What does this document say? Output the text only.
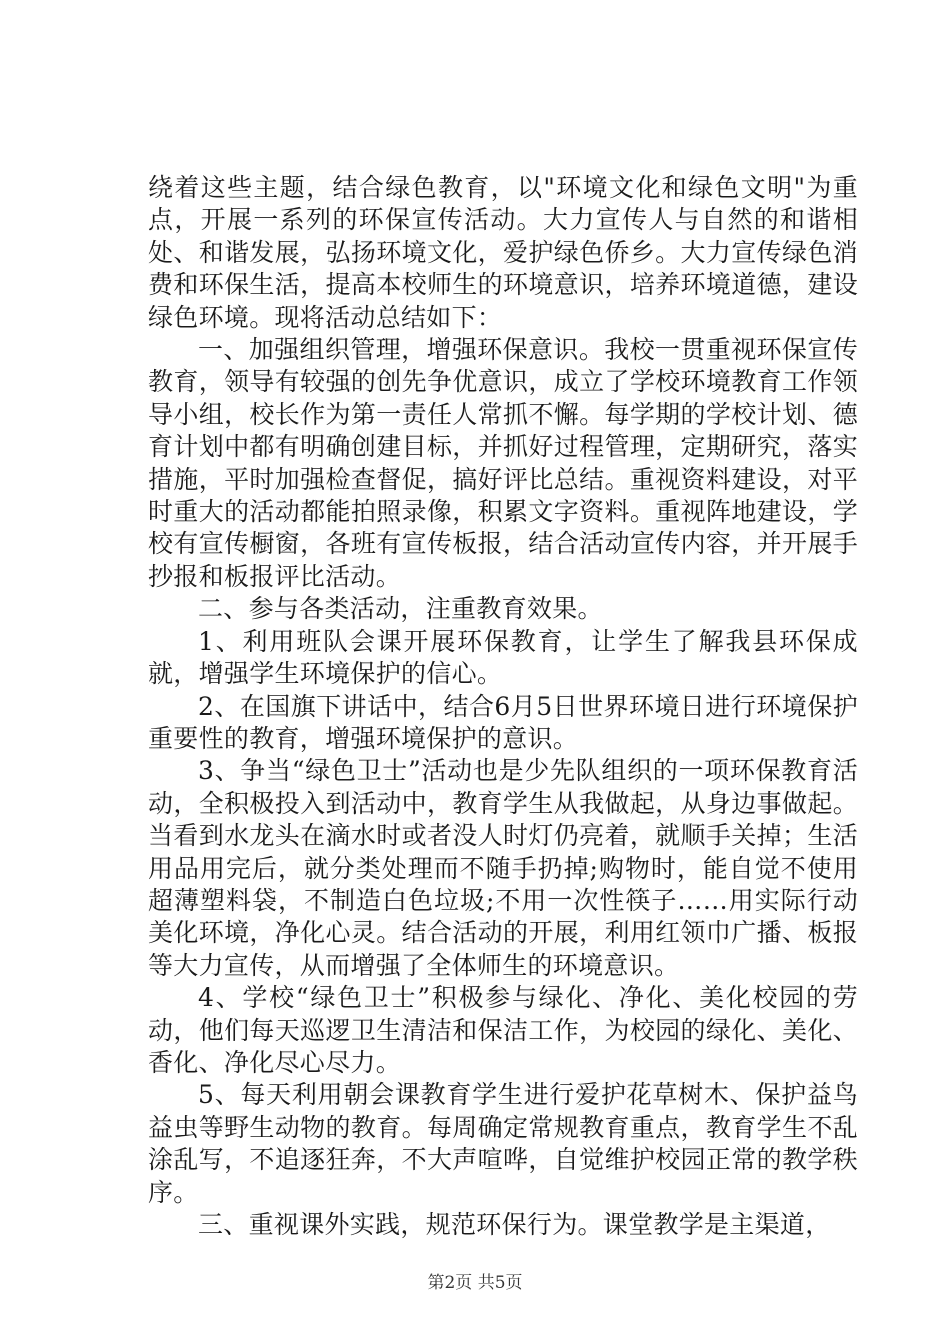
绕着这些主题，结合绿色教育，以"环境文化和绿色文明"为重点，开展一系列的环保宣传活动。大力宣传人与自然的和谐相处、和谐发展，弘扬环境文化，爱护绿色侨乡。大力宣传绿色消费和环保生活，提高本校师生的环境意识，培养环境道德，建设绿色环境。现将活动总结如下：

一、加强组织管理，增强环保意识。我校一贯重视环保宣传教育，领导有较强的创先争优意识，成立了学校环境教育工作领导小组，校长作为第一责任人常抓不懈。每学期的学校计划、德育计划中都有明确创建目标，并抓好过程管理，定期研究，落实措施，平时加强检查督促，搞好评比总结。重视资料建设，对平时重大的活动都能拍照录像，积累文字资料。重视阵地建设，学校有宣传橱窗，各班有宣传板报，结合活动宣传内容，并开展手抄报和板报评比活动。

二、参与各类活动，注重教育效果。

1、利用班队会课开展环保教育，让学生了解我县环保成就，增强学生环境保护的信心。

2、在国旗下讲话中，结合6月5日世界环境日进行环境保护重要性的教育，增强环境保护的意识。

3、争当“绿色卫士”活动也是少先队组织的一项环保教育活动，全积极投入到活动中，教育学生从我做起，从身边事做起。当看到水龙头在滴水时或者没人时灯仍亮着，就顺手关掉；生活用品用完后，就分类处理而不随手扔掉;购物时，能自觉不使用超薄塑料袋，不制造白色垃圾;不用一次性筷子……用实际行动美化环境，净化心灵。结合活动的开展，利用红领巾广播、板报等大力宣传，从而增强了全体师生的环境意识。

4、学校“绿色卫士”积极参与绿化、净化、美化校园的劳动，他们每天巡逻卫生清洁和保洁工作，为校园的绿化、美化、香化、净化尽心尽力。

5、每天利用朝会课教育学生进行爱护花草树木、保护益鸟益虫等野生动物的教育。每周确定常规教育重点，教育学生不乱涂乱写，不追逐狂奔，不大声喧哗，自觉维护校园正常的教学秩序。

三、重视课外实践，规范环保行为。课堂教学是主渠道，

第2页 共5页
